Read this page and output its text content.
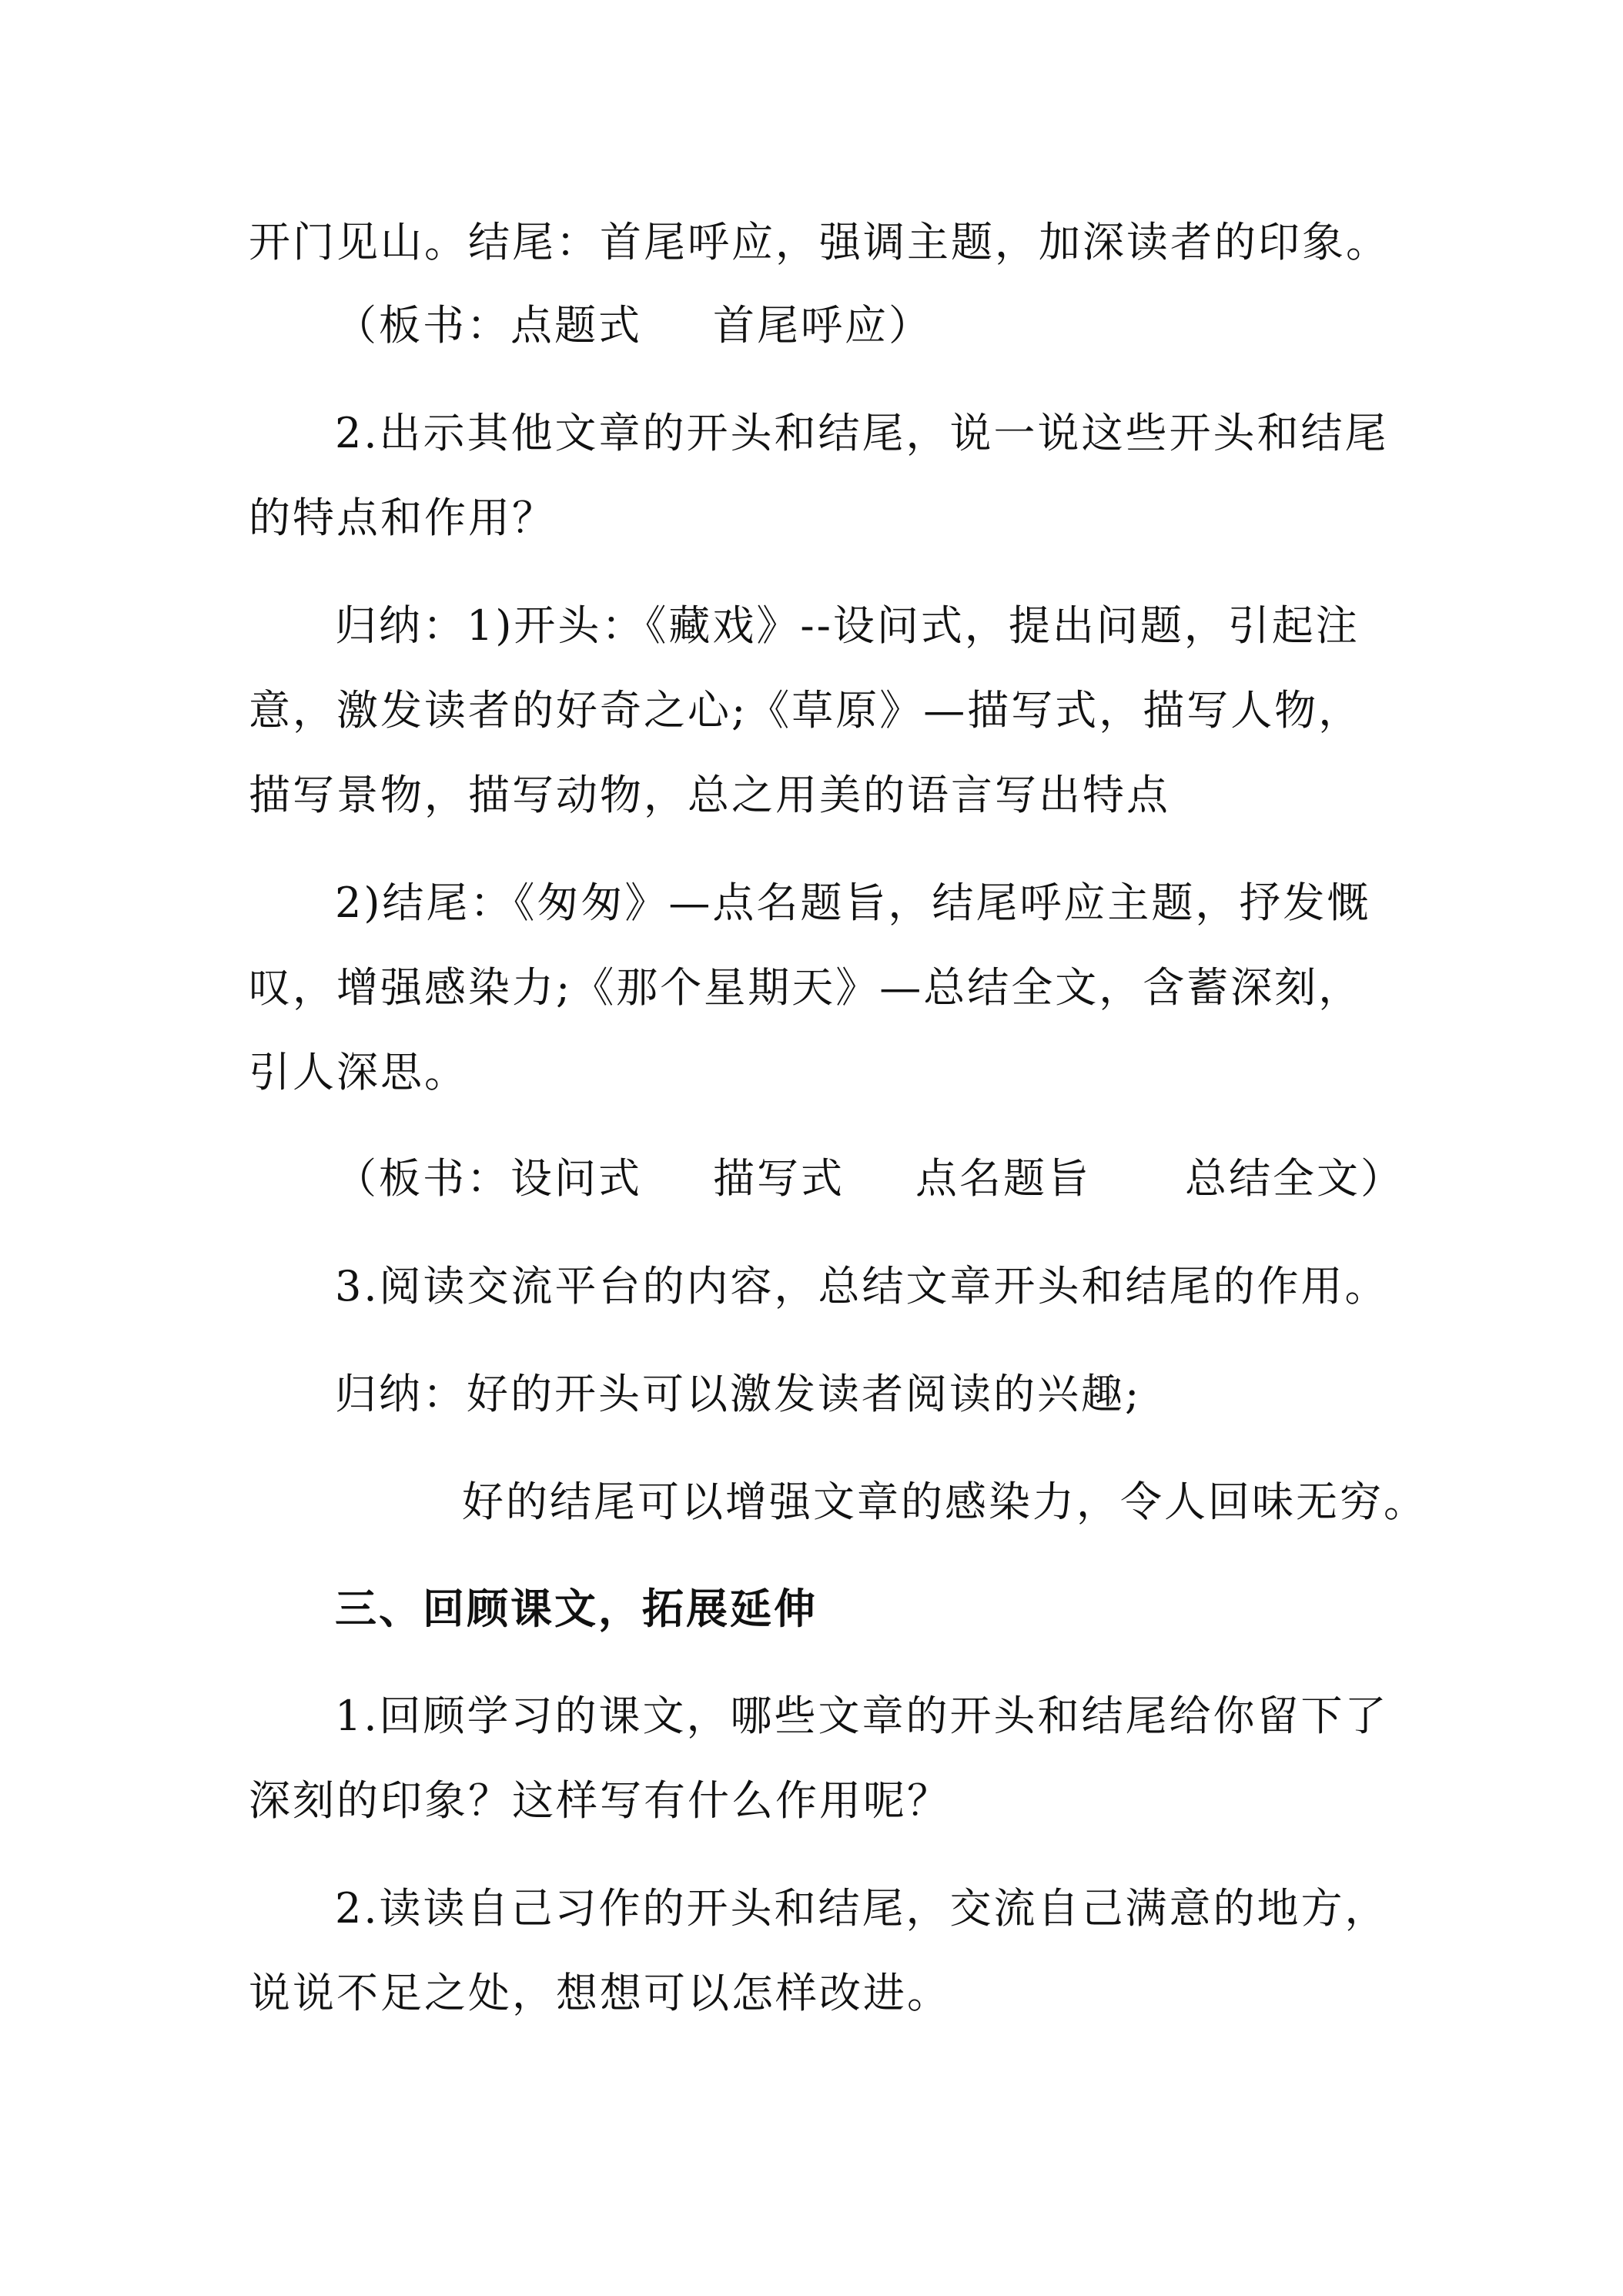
开门见山。结尾：首尾呼应，强调主题，加深读者的印象。
（板书：点题式 首尾呼应）
2.出示其他文章的开头和结尾，说一说这些开头和结尾
的特点和作用？
归纳：1)开头：《藏戏》--设问式，提出问题，引起注
意，激发读者的好奇之心;《草原》—描写式，描写人物，
描写景物，描写动物，总之用美的语言写出特点
2)结尾：《匆匆》—点名题旨，结尾呼应主题，抒发慨
叹，增强感染力;《那个星期天》—总结全文，含蓄深刻，
引人深思。
（板书：设问式 描写式 点名题旨 总结全文）
3.阅读交流平台的内容，总结文章开头和结尾的作用。
归纳：好的开头可以激发读者阅读的兴趣;
好的结尾可以增强文章的感染力，令人回味无穷。
三、回顾课文，拓展延伸
1.回顾学习的课文，哪些文章的开头和结尾给你留下了
深刻的印象？这样写有什么作用呢？
2.读读自己习作的开头和结尾，交流自己满意的地方，
说说不足之处，想想可以怎样改进。
